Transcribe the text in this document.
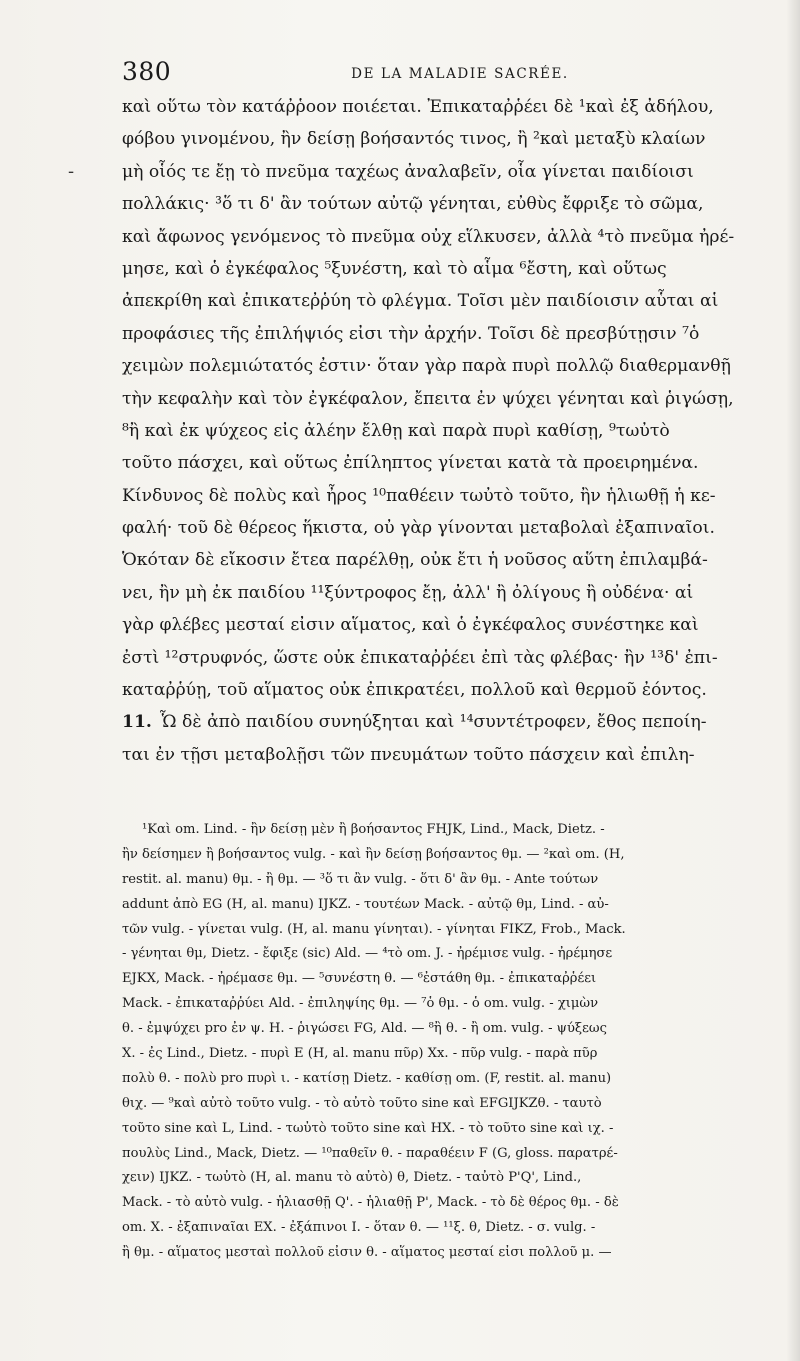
-
380	DE LA MALADIE SACRÉE.
καὶ οὕτω τὸν κατάῤῥοον ποιέεται. Ἐπικαταῤῥέει δὲ ¹καὶ ἐξ ἀδήλου,
φόβου γινομένου, ἢν δείσῃ βοήσαντός τινος, ἢ ²καὶ μεταξὺ κλαίων
μὴ οἷός τε ἔῃ τὸ πνεῦμα ταχέως ἀναλαβεῖν, οἷα γίνεται παιδίοισι
πολλάκις· ³ὅ τι δ' ἂν τούτων αὐτῷ γένηται, εὐθὺς ἔφριξε τὸ σῶμα,
καὶ ἄφωνος γενόμενος τὸ πνεῦμα οὐχ εἵλκυσεν, ἀλλὰ ⁴τὸ πνεῦμα ἠρέ-
μησε, καὶ ὁ ἐγκέφαλος ⁵ξυνέστη, καὶ τὸ αἷμα ⁶ἔστη, καὶ οὕτως
ἀπεκρίθη καὶ ἐπικατεῤῥύη τὸ φλέγμα. Τοῖσι μὲν παιδίοισιν αὗται αἱ
προφάσιες τῆς ἐπιλήψιός εἰσι τὴν ἀρχήν. Τοῖσι δὲ πρεσβύτῃσιν ⁷ὁ
χειμὼν πολεμιώτατός ἐστιν· ὅταν γὰρ παρὰ πυρὶ πολλῷ διαθερμανθῇ
τὴν κεφαλὴν καὶ τὸν ἐγκέφαλον, ἔπειτα ἐν ψύχει γένηται καὶ ῥιγώσῃ,
⁸ἢ καὶ ἐκ ψύχεος εἰς ἀλέην ἔλθῃ καὶ παρὰ πυρὶ καθίσῃ, ⁹τωὐτὸ
τοῦτο πάσχει, καὶ οὕτως ἐπίληπτος γίνεται κατὰ τὰ προειρημένα.
Κίνδυνος δὲ πολὺς καὶ ἦρος ¹⁰παθέειν τωὐτὸ τοῦτο, ἢν ἡλιωθῇ ἡ κε-
φαλή· τοῦ δὲ θέρεος ἥκιστα, οὐ γὰρ γίνονται μεταβολαὶ ἐξαπιναῖοι.
Ὁκόταν δὲ εἴκοσιν ἔτεα παρέλθῃ, οὐκ ἔτι ἡ νοῦσος αὕτη ἐπιλαμβά-
νει, ἢν μὴ ἐκ παιδίου ¹¹ξύντροφος ἔῃ, ἀλλ' ἢ ὀλίγους ἢ οὐδένα· αἱ
γὰρ φλέβες μεσταί εἰσιν αἵματος, καὶ ὁ ἐγκέφαλος συνέστηκε καὶ
ἐστὶ ¹²στρυφνός, ὥστε οὐκ ἐπικαταῤῥέει ἐπὶ τὰς φλέβας· ἢν ¹³δ' ἐπι-
καταῤῥύῃ, τοῦ αἵματος οὐκ ἐπικρατέει, πολλοῦ καὶ θερμοῦ ἐόντος.
11. Ὧ δὲ ἀπὸ παιδίου συνηύξηται καὶ ¹⁴συντέτροφεν, ἔθος πεποίη-
ται ἐν τῇσι μεταβολῇσι τῶν πνευμάτων τοῦτο πάσχειν καὶ ἐπιλη-
¹Καὶ om. Lind. - ἢν δείσῃ μὲν ἢ βοήσαντος FHJK, Lind., Mack, Dietz. -
ἢν δείσημεν ἢ βοήσαντος vulg. - καὶ ἢν δείσῃ βοήσαντος θμ. — ²καὶ om. (H,
restit. al. manu) θμ. - ἢ θμ. — ³ὅ τι ἂν vulg. - ὅτι δ' ἂν θμ. - Ante τούτων
addunt ἀπὸ EG (H, al. manu) IJKZ. - τουτέων Mack. - αὐτῷ θμ, Lind. - αὐ-
τῶν vulg. - γίνεται vulg. (H, al. manu γίνηται). - γίνηται FIKZ, Frob., Mack.
- γένηται θμ, Dietz. - ἔφιξε (sic) Ald. — ⁴τὸ om. J. - ἠρέμισε vulg. - ἠρέμησε
EJKX, Mack. - ἠρέμασε θμ. — ⁵συνέστη θ. — ⁶ἐστάθη θμ. - ἐπικαταῤῥέει
Mack. - ἐπικαταῤῥύει Ald. - ἐπιληψίης θμ. — ⁷ὁ θμ. - ὁ om. vulg. - χιμὼν
θ. - ἐμψύχει pro ἐν ψ. H. - ῥιγώσει FG, Ald. — ⁸ἢ θ. - ἢ om. vulg. - ψύξεως
X. - ἐς Lind., Dietz. - πυρὶ E (H, al. manu πῦρ) Xx. - πῦρ vulg. - παρὰ πῦρ
πολὺ θ. - πολὺ pro πυρὶ ι. - κατίσῃ Dietz. - καθίσῃ om. (F, restit. al. manu)
θιχ. — ⁹καὶ αὐτὸ τοῦτο vulg. - τὸ αὐτὸ τοῦτο sine καὶ EFGIJKZθ. - ταυτὸ
τοῦτο sine καὶ L, Lind. - τωὐτὸ τοῦτο sine καὶ HX. - τὸ τοῦτο sine καὶ ιχ. -
πουλὺς Lind., Mack, Dietz. — ¹⁰παθεῖν θ. - παραθέειν F (G, gloss. παρατρέ-
χειν) IJKZ. - τωὐτὸ (H, al. manu τὸ αὐτὸ) θ, Dietz. - ταὐτὸ P'Q', Lind.,
Mack. - τὸ αὐτὸ vulg. - ἡλιασθῇ Q'. - ἡλιαθῇ P', Mack. - τὸ δὲ θέρος θμ. - δὲ
om. X. - ἐξαπιναῖαι EX. - ἐξάπινοι I. - ὅταν θ. — ¹¹ξ. θ, Dietz. - σ. vulg. -
ἢ θμ. - αἵματος μεσταὶ πολλοῦ εἰσιν θ. - αἵματος μεσταί εἰσι πολλοῦ μ. —
